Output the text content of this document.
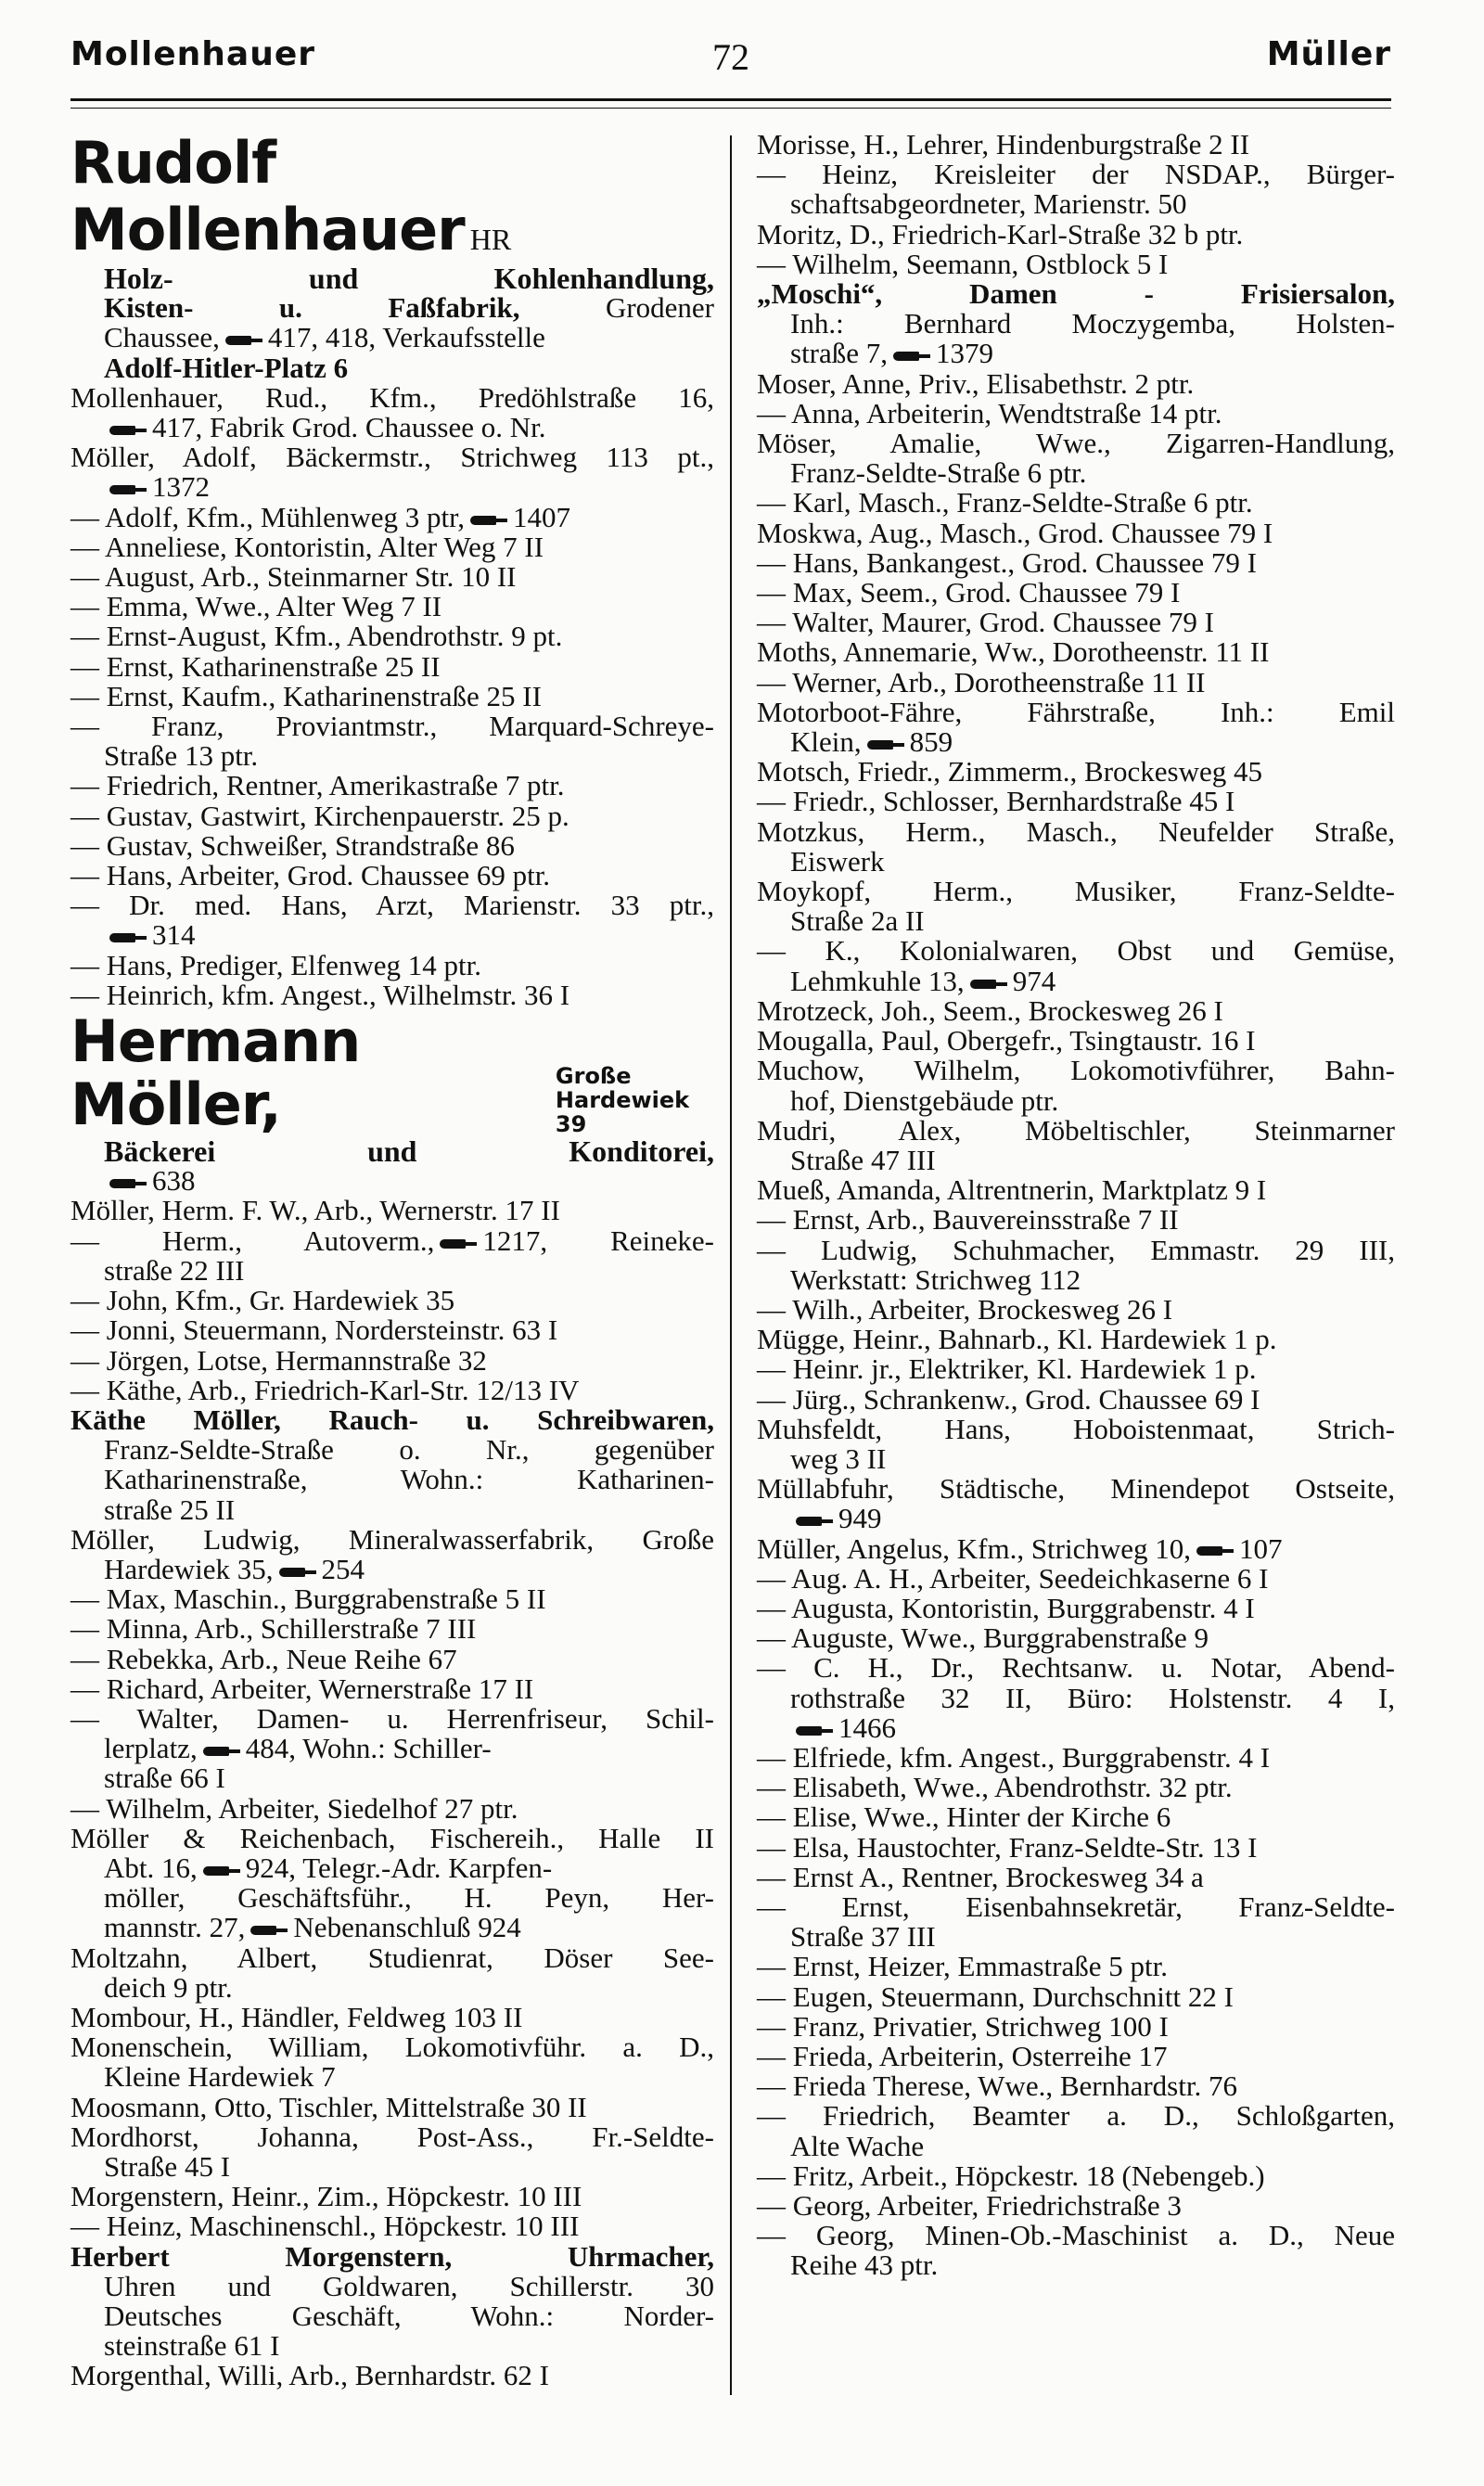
Mollenhauer	72	Müller
Rudolf Mollenhauer HR
Holz- und Kohlenhandlung,
Kisten- u. Faßfabrik,	Grodener
Chaussee, 417, 418, Verkaufsstelle
Adolf-Hitler-Platz 6
Mollenhauer, Rud., Kfm., Predöhlstraße 16,
417, Fabrik Grod. Chaussee o. Nr.
Möller, Adolf, Bäckermstr., Strichweg 113 pt.,
1372
— Adolf, Kfm., Mühlenweg 3 ptr, 1407
— Anneliese, Kontoristin, Alter Weg 7 II
— August, Arb., Steinmarner Str. 10 II
— Emma, Wwe., Alter Weg 7 II
— Ernst-August, Kfm., Abendrothstr. 9 pt.
— Ernst, Katharinenstraße 25 II
— Ernst, Kaufm., Katharinenstraße 25 II
— Franz, Proviantmstr., Marquard-Schreye-
Straße 13 ptr.
— Friedrich, Rentner, Amerikastraße 7 ptr.
— Gustav, Gastwirt, Kirchenpauerstr. 25 p.
— Gustav, Schweißer, Strandstraße 86
— Hans, Arbeiter, Grod. Chaussee 69 ptr.
— Dr. med. Hans, Arzt, Marienstr. 33 ptr.,
314
— Hans, Prediger, Elfenweg 14 ptr.
— Heinrich, kfm. Angest., Wilhelmstr. 36 I
Hermann Möller,	Große
Hardewiek 39
Bäckerei und Konditorei,
638
Möller, Herm. F. W., Arb., Wernerstr. 17 II
— Herm., Autoverm., 1217, Reineke-
straße 22 III
— John, Kfm., Gr. Hardewiek 35
— Jonni, Steuermann, Nordersteinstr. 63 I
— Jörgen, Lotse, Hermannstraße 32
— Käthe, Arb., Friedrich-Karl-Str. 12/13 IV
Käthe Möller, Rauch- u. Schreibwaren,
Franz-Seldte-Straße o. Nr., gegenüber
Katharinenstraße, Wohn.: Katharinen-
straße 25 II
Möller, Ludwig, Mineralwasserfabrik, Große
Hardewiek 35, 254
— Max, Maschin., Burggrabenstraße 5 II
— Minna, Arb., Schillerstraße 7 III
— Rebekka, Arb., Neue Reihe 67
— Richard, Arbeiter, Wernerstraße 17 II
— Walter, Damen- u. Herrenfriseur, Schil-
lerplatz, 484, Wohn.: Schiller-
straße 66 I
— Wilhelm, Arbeiter, Siedelhof 27 ptr.
Möller & Reichenbach, Fischereih., Halle II
Abt. 16, 924, Telegr.-Adr. Karpfen-
möller, Geschäftsführ., H. Peyn, Her-
mannstr. 27, Nebenanschluß 924
Moltzahn, Albert, Studienrat, Döser See-
deich 9 ptr.
Mombour, H., Händler, Feldweg 103 II
Monenschein, William, Lokomotivführ. a. D.,
Kleine Hardewiek 7
Moosmann, Otto, Tischler, Mittelstraße 30 II
Mordhorst, Johanna, Post-Ass., Fr.-Seldte-
Straße 45 I
Morgenstern, Heinr., Zim., Höpckestr. 10 III
— Heinz, Maschinenschl., Höpckestr. 10 III
Herbert Morgenstern, Uhrmacher,
Uhren und Goldwaren, Schillerstr. 30
Deutsches Geschäft, Wohn.: Norder-
steinstraße 61 I
Morgenthal, Willi, Arb., Bernhardstr. 62 I
Morisse, H., Lehrer, Hindenburgstraße 2 II
— Heinz, Kreisleiter der NSDAP., Bürger-
schaftsabgeordneter, Marienstr. 50
Moritz, D., Friedrich-Karl-Straße 32 b ptr.
— Wilhelm, Seemann, Ostblock 5 I
„Moschi“, Damen - Frisiersalon,
Inh.: Bernhard Moczygemba, Holsten-
straße 7, 1379
Moser, Anne, Priv., Elisabethstr. 2 ptr.
— Anna, Arbeiterin, Wendtstraße 14 ptr.
Möser, Amalie, Wwe., Zigarren-Handlung,
Franz-Seldte-Straße 6 ptr.
— Karl, Masch., Franz-Seldte-Straße 6 ptr.
Moskwa, Aug., Masch., Grod. Chaussee 79 I
— Hans, Bankangest., Grod. Chaussee 79 I
— Max, Seem., Grod. Chaussee 79 I
— Walter, Maurer, Grod. Chaussee 79 I
Moths, Annemarie, Ww., Dorotheenstr. 11 II
— Werner, Arb., Dorotheenstraße 11 II
Motorboot-Fähre, Fährstraße, Inh.: Emil
Klein, 859
Motsch, Friedr., Zimmerm., Brockesweg 45
— Friedr., Schlosser, Bernhardstraße 45 I
Motzkus, Herm., Masch., Neufelder Straße,
Eiswerk
Moykopf, Herm., Musiker, Franz-Seldte-
Straße 2a II
— K., Kolonialwaren, Obst und Gemüse,
Lehmkuhle 13, 974
Mrotzeck, Joh., Seem., Brockesweg 26 I
Mougalla, Paul, Obergefr., Tsingtaustr. 16 I
Muchow, Wilhelm, Lokomotivführer, Bahn-
hof, Dienstgebäude ptr.
Mudri, Alex, Möbeltischler, Steinmarner
Straße 47 III
Mueß, Amanda, Altrentnerin, Marktplatz 9 I
— Ernst, Arb., Bauvereinsstraße 7 II
— Ludwig, Schuhmacher, Emmastr. 29 III,
Werkstatt: Strichweg 112
— Wilh., Arbeiter, Brockesweg 26 I
Mügge, Heinr., Bahnarb., Kl. Hardewiek 1 p.
— Heinr. jr., Elektriker, Kl. Hardewiek 1 p.
— Jürg., Schrankenw., Grod. Chaussee 69 I
Muhsfeldt, Hans, Hoboistenmaat, Strich-
weg 3 II
Müllabfuhr, Städtische, Minendepot Ostseite,
949
Müller, Angelus, Kfm., Strichweg 10, 107
— Aug. A. H., Arbeiter, Seedeichkaserne 6 I
— Augusta, Kontoristin, Burggrabenstr. 4 I
— Auguste, Wwe., Burggrabenstraße 9
— C. H., Dr., Rechtsanw. u. Notar, Abend-
rothstraße 32 II, Büro: Holstenstr. 4 I,
1466
— Elfriede, kfm. Angest., Burggrabenstr. 4 I
— Elisabeth, Wwe., Abendrothstr. 32 ptr.
— Elise, Wwe., Hinter der Kirche 6
— Elsa, Haustochter, Franz-Seldte-Str. 13 I
— Ernst A., Rentner, Brockesweg 34 a
— Ernst, Eisenbahnsekretär, Franz-Seldte-
Straße 37 III
— Ernst, Heizer, Emmastraße 5 ptr.
— Eugen, Steuermann, Durchschnitt 22 I
— Franz, Privatier, Strichweg 100 I
— Frieda, Arbeiterin, Osterreihe 17
— Frieda Therese, Wwe., Bernhardstr. 76
— Friedrich, Beamter a. D., Schloßgarten,
Alte Wache
— Fritz, Arbeit., Höpckestr. 18 (Nebengeb.)
— Georg, Arbeiter, Friedrichstraße 3
— Georg, Minen-Ob.-Maschinist a. D., Neue
Reihe 43 ptr.
